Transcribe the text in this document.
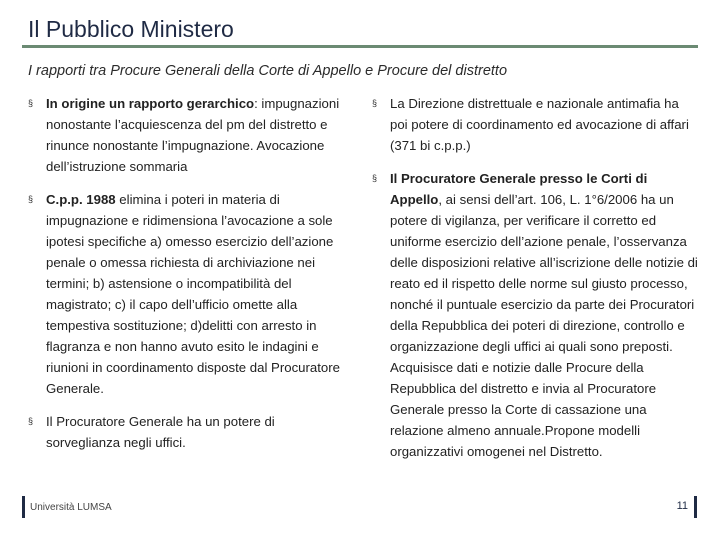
Il Pubblico Ministero
I rapporti tra Procure Generali della Corte di Appello e Procure del distretto
§ In origine un rapporto gerarchico: impugnazioni nonostante l’acquiescenza del pm del distretto e rinunce nonostante l’impugnazione. Avocazione dell’istruzione sommaria
§ C.p.p. 1988 elimina i poteri in materia di impugnazione e ridimensiona l’avocazione a sole ipotesi specifiche a) omesso esercizio dell’azione penale o omessa richiesta di archiviazione nei termini; b) astensione o incompatibilità del magistrato; c) il capo dell’ufficio omette alla tempestiva sostituzione; d)delitti con arresto in flagranza e non hanno avuto esito le indagini e riunioni in coordinamento disposte dal Procuratore Generale.
§ Il Procuratore Generale ha un potere di sorveglianza negli uffici.
§ La Direzione distrettuale e nazionale antimafia ha poi potere di coordinamento ed avocazione di affari (371 bi c.p.p.)
§ Il Procuratore Generale presso le Corti di Appello, ai sensi dell’art. 106, L. 1°6/2006 ha un potere di vigilanza, per verificare il corretto ed uniforme esercizio dell’azione penale, l’osservanza delle disposizioni relative all’iscrizione delle notizie di reato ed il rispetto delle norme sul giusto processo, nonché il puntuale esercizio da parte dei Procuratori della Repubblica dei poteri di direzione, controllo e organizzazione degli uffici ai quali sono preposti. Acquisisce dati e notizie dalle Procure della Repubblica del distretto e invia al Procuratore Generale presso la Corte di cassazione una relazione almeno annuale.Propone modelli organizzativi omogenei nel Distretto.
Università LUMSA	11
